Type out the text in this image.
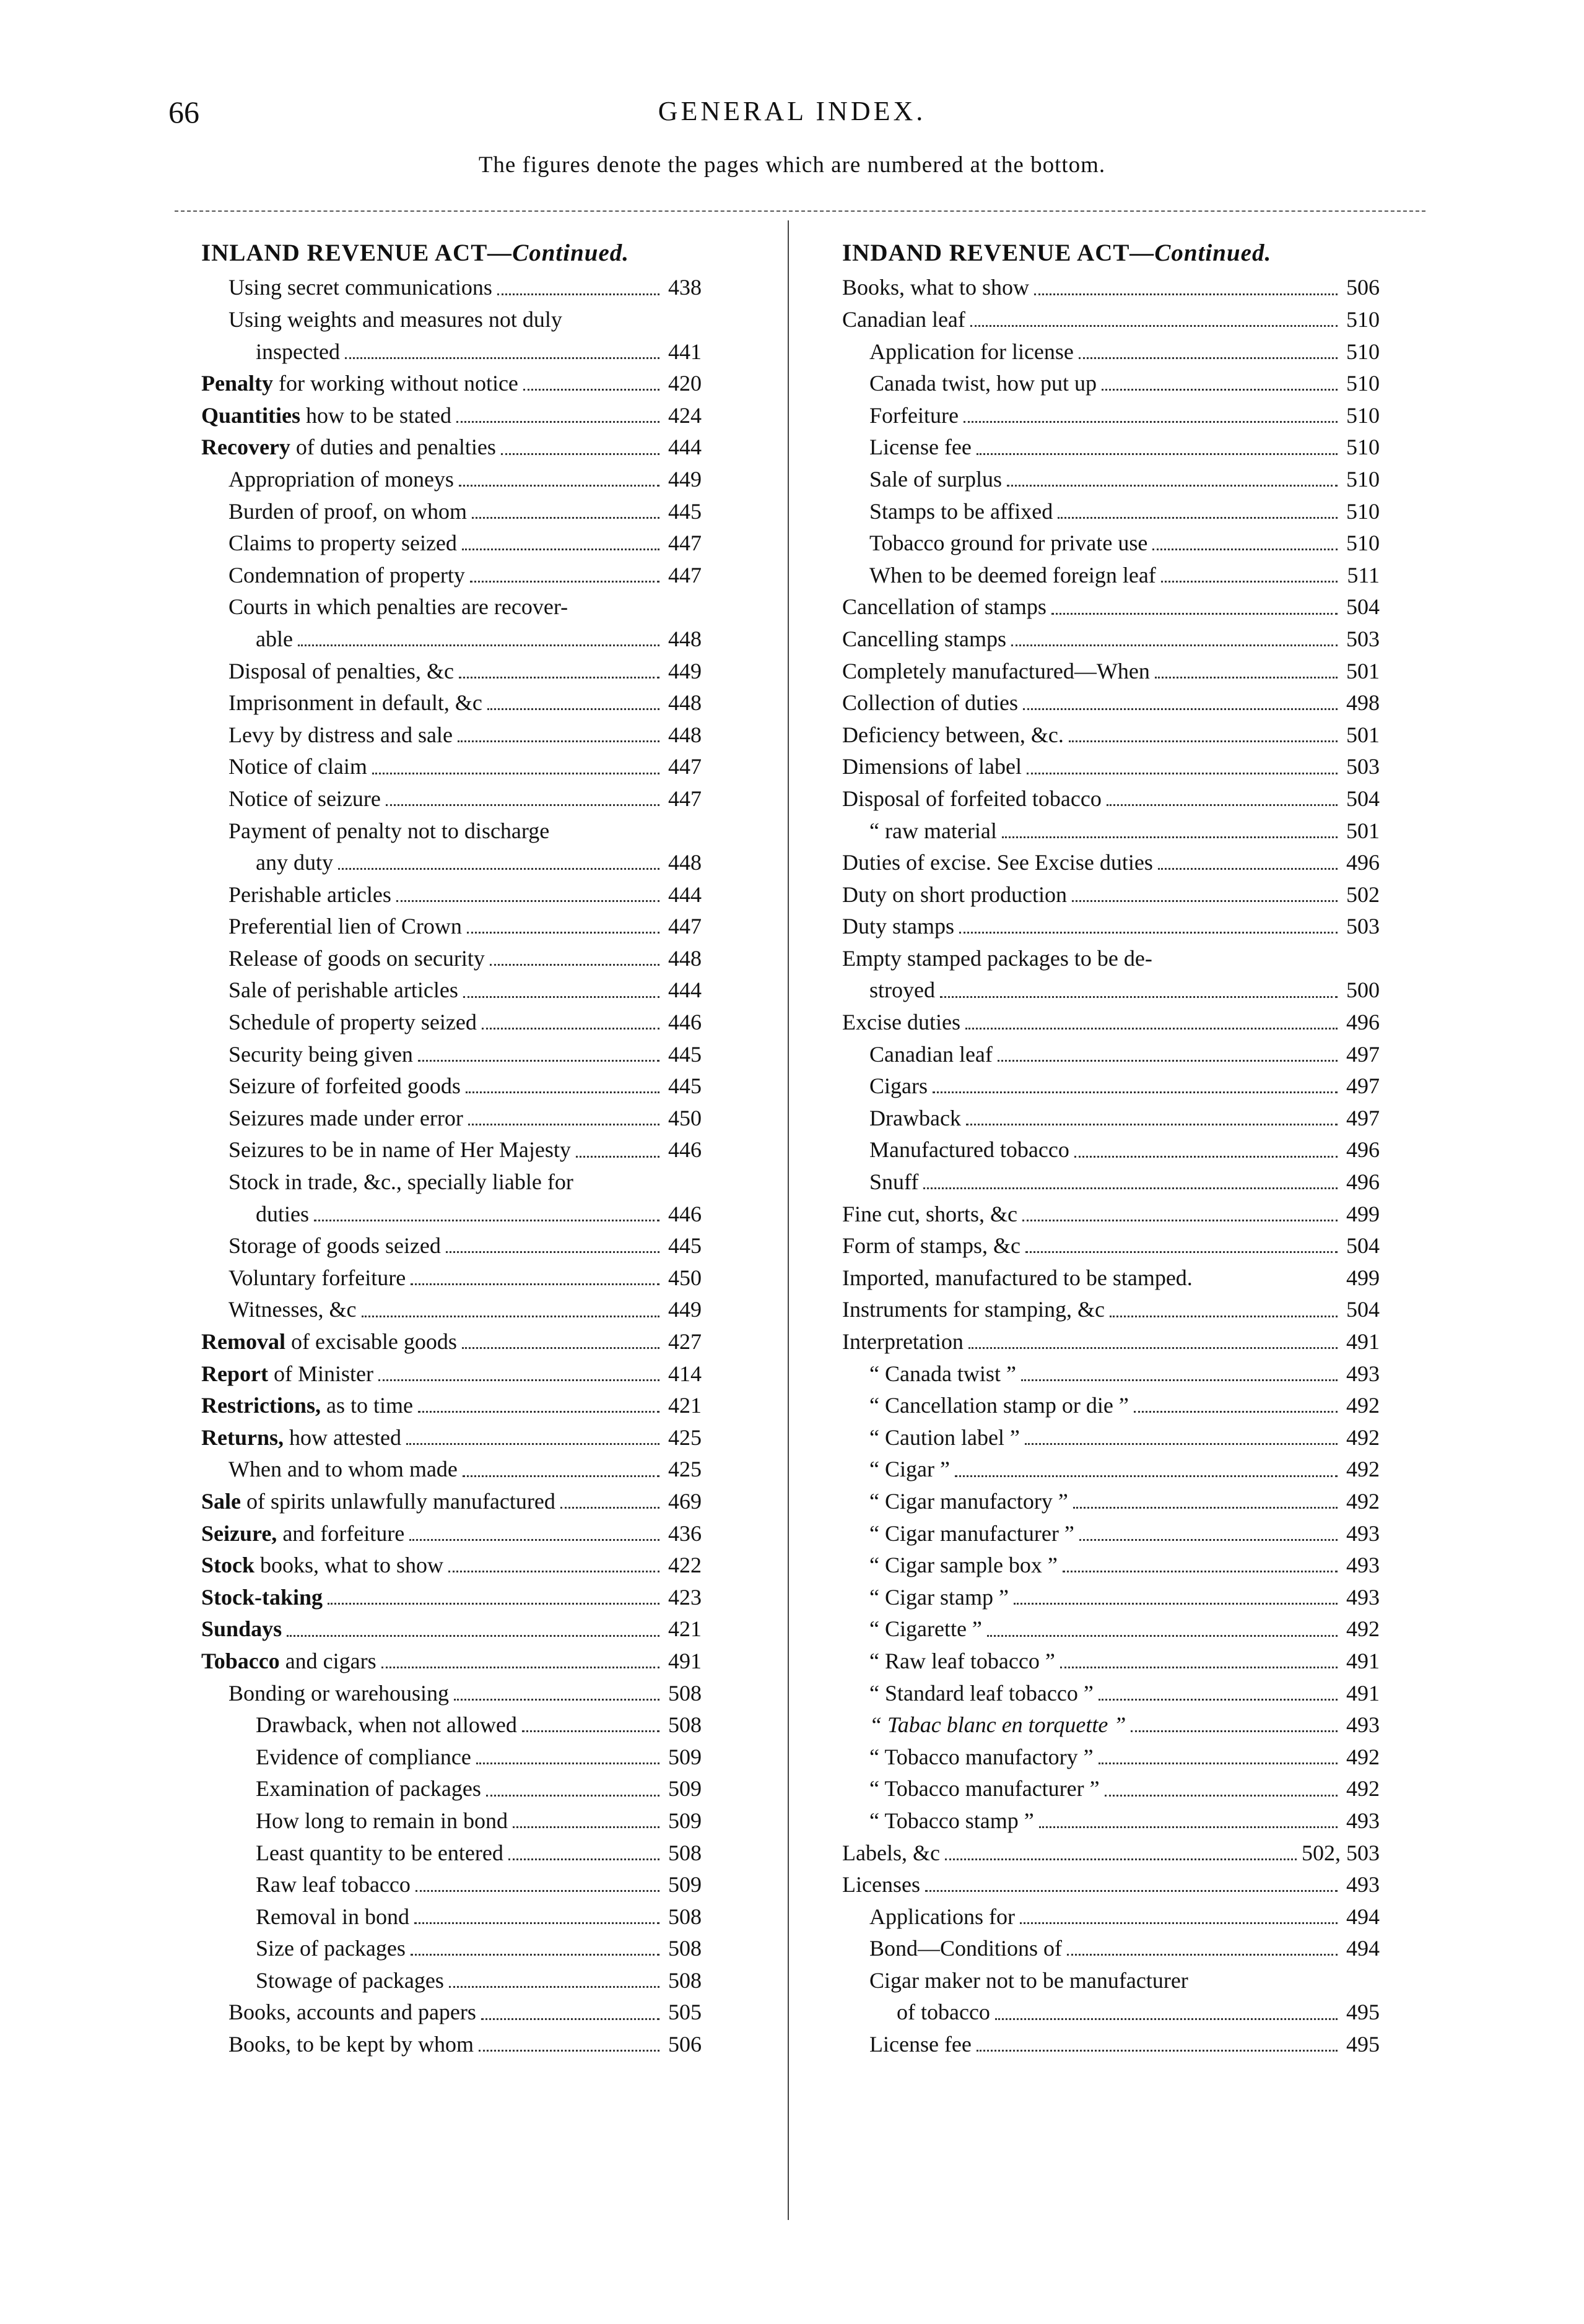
66	GENERAL INDEX.
The figures denote the pages which are numbered at the bottom.
INLAND REVENUE ACT—Continued.
Using secret communications	438
Using weights and measures not duly
inspected	441
Penalty for working without notice	420
Quantities how to be stated	424
Recovery of duties and penalties	444
Appropriation of moneys	449
Burden of proof, on whom	445
Claims to property seized	447
Condemnation of property	447
Courts in which penalties are recover-
able	448
Disposal of penalties, &c	449
Imprisonment in default, &c	448
Levy by distress and sale	448
Notice of claim	447
Notice of seizure	447
Payment of penalty not to discharge
any duty	448
Perishable articles	444
Preferential lien of Crown	447
Release of goods on security	448
Sale of perishable articles	444
Schedule of property seized	446
Security being given	445
Seizure of forfeited goods	445
Seizures made under error	450
Seizures to be in name of Her Majesty	446
Stock in trade, &c., specially liable for
duties	446
Storage of goods seized	445
Voluntary forfeiture	450
Witnesses, &c	449
Removal of excisable goods	427
Report of Minister	414
Restrictions, as to time	421
Returns, how attested	425
When and to whom made	425
Sale of spirits unlawfully manufactured	469
Seizure, and forfeiture	436
Stock books, what to show	422
Stock-taking	423
Sundays	421
Tobacco and cigars	491
Bonding or warehousing	508
Drawback, when not allowed	508
Evidence of compliance	509
Examination of packages	509
How long to remain in bond	509
Least quantity to be entered	508
Raw leaf tobacco	509
Removal in bond	508
Size of packages	508
Stowage of packages	508
Books, accounts and papers	505
Books, to be kept by whom	506
INDAND REVENUE ACT—Continued.
Books, what to show	506
Canadian leaf	510
Application for license	510
Canada twist, how put up	510
Forfeiture	510
License fee	510
Sale of surplus	510
Stamps to be affixed	510
Tobacco ground for private use	510
When to be deemed foreign leaf	511
Cancellation of stamps	504
Cancelling stamps	503
Completely manufactured—When	501
Collection of duties	498
Deficiency between, &c.	501
Dimensions of label	503
Disposal of forfeited tobacco	504
“ raw material	501
Duties of excise. See Excise duties	496
Duty on short production	502
Duty stamps	503
Empty stamped packages to be de-
stroyed	500
Excise duties	496
Canadian leaf	497
Cigars	497
Drawback	497
Manufactured tobacco	496
Snuff	496
Fine cut, shorts, &c	499
Form of stamps, &c	504
Imported, manufactured to be stamped.	499
Instruments for stamping, &c	504
Interpretation	491
“ Canada twist ”	493
“ Cancellation stamp or die ”	492
“ Caution label ”	492
“ Cigar ”	492
“ Cigar manufactory ”	492
“ Cigar manufacturer ”	493
“ Cigar sample box ”	493
“ Cigar stamp ”	493
“ Cigarette ”	492
“ Raw leaf tobacco ”	491
“ Standard leaf tobacco ”	491
“ Tabac blanc en torquette ”	493
“ Tobacco manufactory ”	492
“ Tobacco manufacturer ”	492
“ Tobacco stamp ”	493
Labels, &c	502, 503
Licenses	493
Applications for	494
Bond—Conditions of	494
Cigar maker not to be manufacturer
of tobacco	495
License fee	495
